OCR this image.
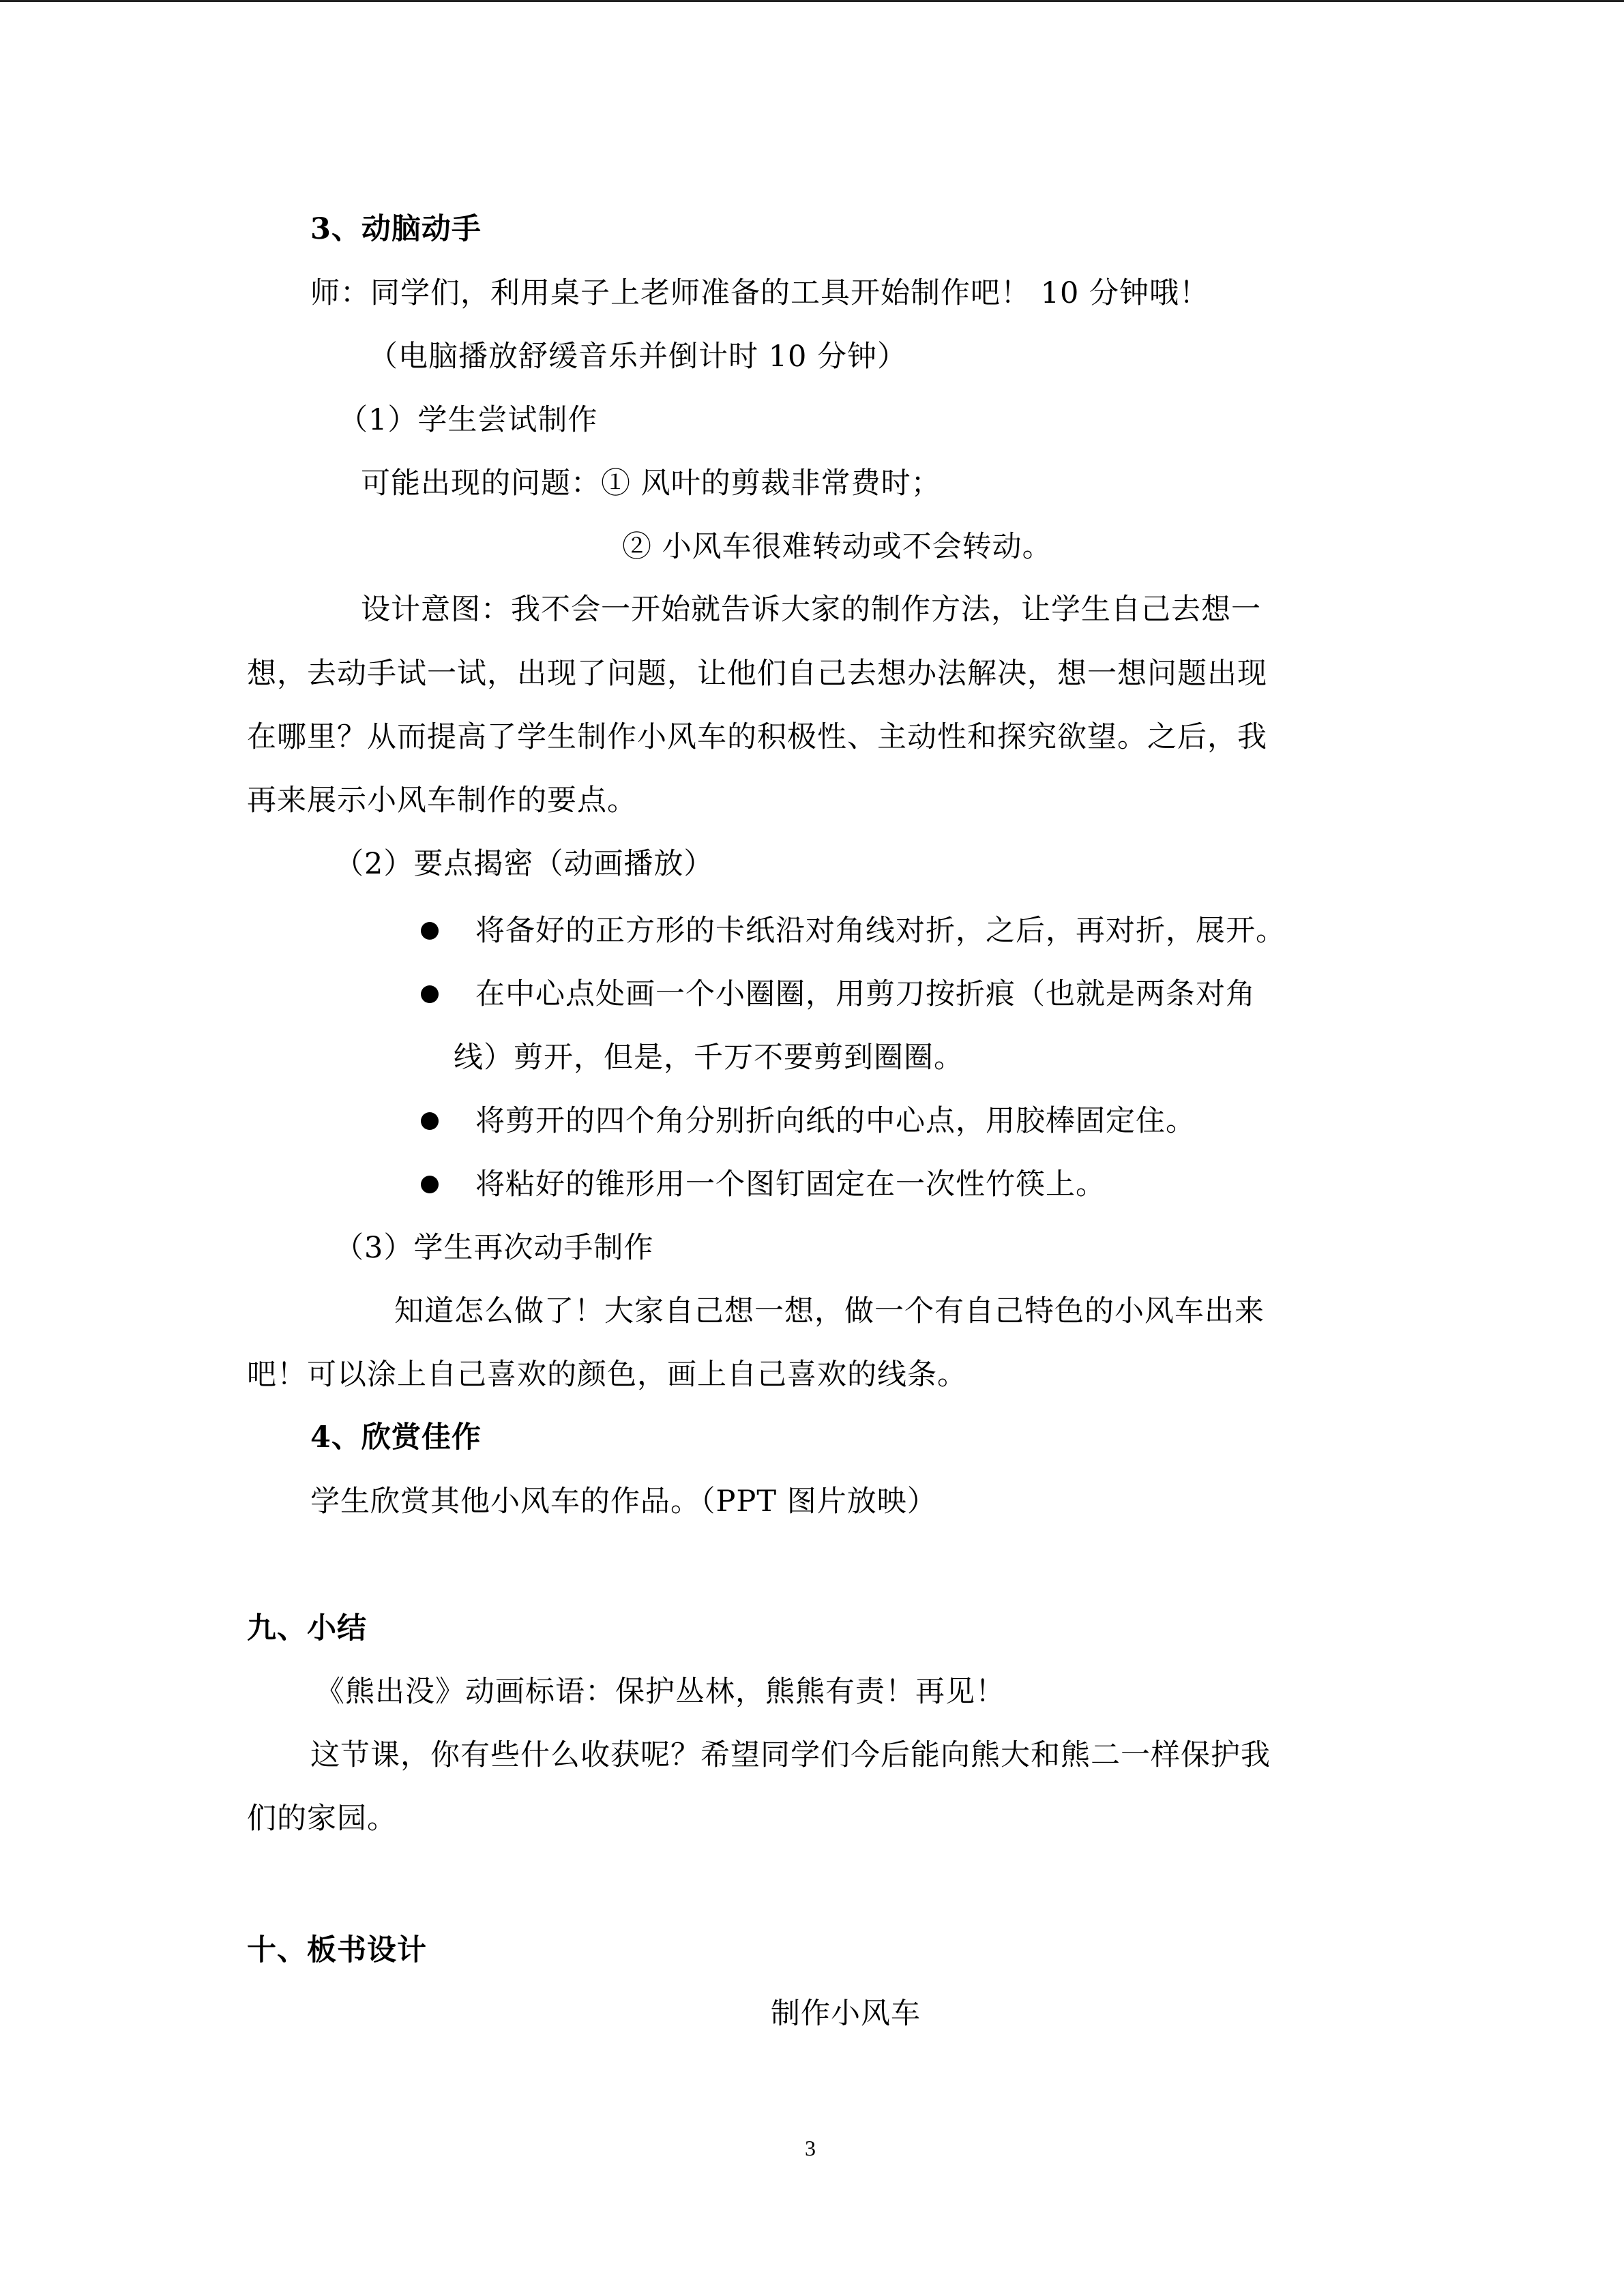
3、动脑动手
师：同学们，利用桌子上老师准备的工具开始制作吧！ 10 分钟哦！
（电脑播放舒缓音乐并倒计时 10 分钟）
（1）学生尝试制作
可能出现的问题：① 风叶的剪裁非常费时；
② 小风车很难转动或不会转动。
设计意图：我不会一开始就告诉大家的制作方法，让学生自己去想一
想，去动手试一试，出现了问题，让他们自己去想办法解决，想一想问题出现
在哪里？从而提高了学生制作小风车的积极性、主动性和探究欲望。之后，我
再来展示小风车制作的要点。
（2）要点揭密（动画播放）
将备好的正方形的卡纸沿对角线对折，之后，再对折，展开。
在中心点处画一个小圈圈，用剪刀按折痕（也就是两条对角
线）剪开，但是，千万不要剪到圈圈。
将剪开的四个角分别折向纸的中心点，用胶棒固定住。
将粘好的锥形用一个图钉固定在一次性竹筷上。
（3）学生再次动手制作
知道怎么做了！大家自己想一想，做一个有自己特色的小风车出来
吧！可以涂上自己喜欢的颜色，画上自己喜欢的线条。
4、欣赏佳作
学生欣赏其他小风车的作品。（PPT 图片放映）
九、小结
《熊出没》动画标语：保护丛林，熊熊有责！再见！
这节课，你有些什么收获呢？希望同学们今后能向熊大和熊二一样保护我
们的家园。
十、板书设计
制作小风车
3
